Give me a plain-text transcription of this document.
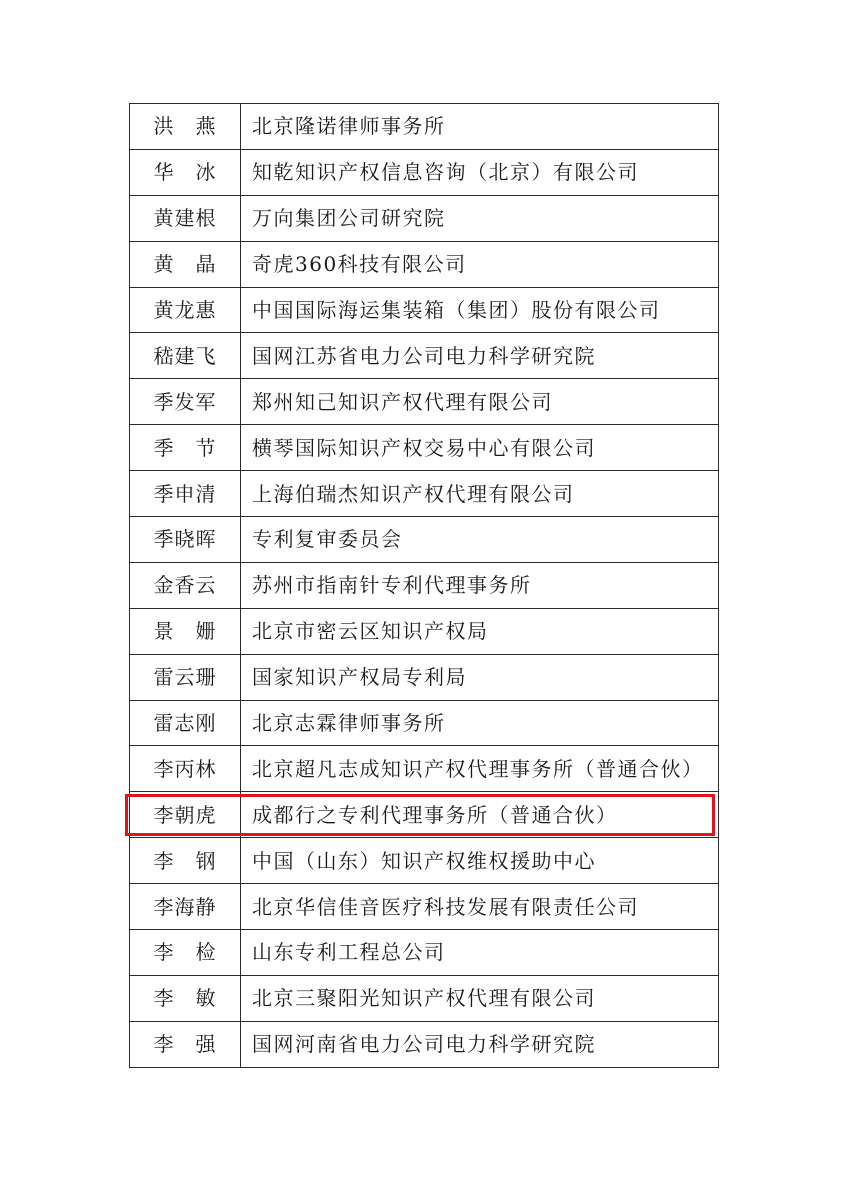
洪　燕	北京隆诺律师事务所
华　冰	知乾知识产权信息咨询（北京）有限公司
黄建根	万向集团公司研究院
黄　晶	奇虎360科技有限公司
黄龙惠	中国国际海运集装箱（集团）股份有限公司
嵇建飞	国网江苏省电力公司电力科学研究院
季发军	郑州知己知识产权代理有限公司
季　节	横琴国际知识产权交易中心有限公司
季申清	上海伯瑞杰知识产权代理有限公司
季晓晖	专利复审委员会
金香云	苏州市指南针专利代理事务所
景　姗	北京市密云区知识产权局
雷云珊	国家知识产权局专利局
雷志刚	北京志霖律师事务所
李丙林	北京超凡志成知识产权代理事务所（普通合伙）
李朝虎	成都行之专利代理事务所（普通合伙）
李　钢	中国（山东）知识产权维权援助中心
李海静	北京华信佳音医疗科技发展有限责任公司
李　检	山东专利工程总公司
李　敏	北京三聚阳光知识产权代理有限公司
李　强	国网河南省电力公司电力科学研究院
